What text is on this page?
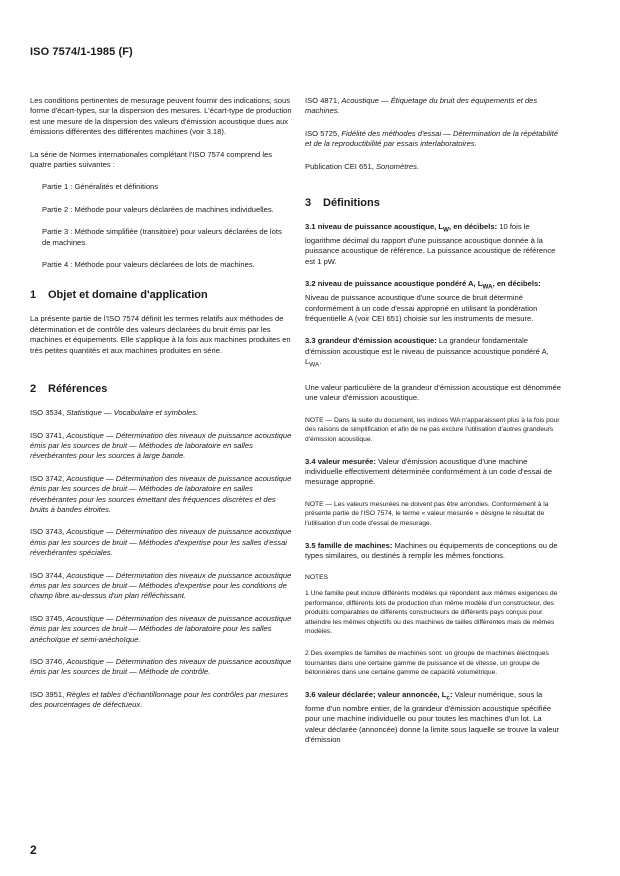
ISO 7574/1-1985 (F)

Les conditions pertinentes de mesurage peuvent fournir des indications, sous forme d'écart-types, sur la dispersion des mesures. L'écart-type de production est une mesure de la dispersion des valeurs d'émission acoustique dues aux émissions différentes des différentes machines (voir 3.18).

La série de Normes internationales complétant l'ISO 7574 comprend les quatre parties suivantes :

Partie 1 : Généralités et définitions

Partie 2 : Méthode pour valeurs déclarées de machines individuelles.

Partie 3 : Méthode simplifiée (transitoire) pour valeurs déclarées de lots de machines.

Partie 4 : Méthode pour valeurs déclarées de lots de machines.

1 Objet et domaine d'application

La présente partie de l'ISO 7574 définit les termes relatifs aux méthodes de détermination et de contrôle des valeurs déclarées du bruit émis par les machines et équipements. Elle s'applique à la fois aux machines produites en très petites quantités et aux machines produites en série.

2 Références

ISO 3534, Statistique — Vocabulaire et symboles.

ISO 3741, Acoustique — Détermination des niveaux de puissance acoustique émis par les sources de bruit — Méthodes de laboratoire en salles réverbérantes pour les sources à large bande.

ISO 3742, Acoustique — Détermination des niveaux de puissance acoustique émis par les sources de bruit — Méthodes de laboratoire en salles réverbérantes pour les sources émettant des fréquences discrètes et des bruits à bandes étroites.

ISO 3743, Acoustique — Détermination des niveaux de puissance acoustique émis par les sources de bruit — Méthodes d'expertise pour les salles d'essai réverbérantes spéciales.

ISO 3744, Acoustique — Détermination des niveaux de puissance acoustique émis par les sources de bruit — Méthodes d'expertise pour les conditions de champ libre au-dessus d'un plan réfléchissant.

ISO 3745, Acoustique — Détermination des niveaux de puissance acoustique émis par les sources de bruit — Méthodes de laboratoire pour les salles anéchoïque et semi-anéchoïque.

ISO 3746, Acoustique — Détermination des niveaux de puissance acoustique émis par les sources de bruit — Méthode de contrôle.

ISO 3951, Règles et tables d'échantillonnage pour les contrôles par mesures des pourcentages de défectueux.

ISO 4871, Acoustique — Étiquetage du bruit des équipements et des machines.

ISO 5725, Fidélité des méthodes d'essai — Détermination de la répétabilité et de la reproductibilité par essais interlaboratoires.

Publication CEI 651, Sonomètres.

3 Définitions

3.1 niveau de puissance acoustique, $L_W$, en décibels: 10 fois le logarithme décimal du rapport d'une puissance acoustique donnée à la puissance acoustique de référence. La puissance acoustique de référence est 1 pW.

3.2 niveau de puissance acoustique pondéré A, $L_{WA}$, en décibels: Niveau de puissance acoustique d'une source de bruit déterminé conformément à un code d'essai approprié en utilisant la pondération fréquentielle A (voir CEI 651) choisie sur les instruments de mesure.

3.3 grandeur d'émission acoustique: La grandeur fondamentale d'émission acoustique est le niveau de puissance acoustique pondéré A, $L_{WA}$.

Une valeur particulière de la grandeur d'émission acoustique est dénommée une valeur d'émission acoustique.

NOTE — Dans la suite du document, les indices WA n'apparaissent plus à la fois pour des raisons de simplification et afin de ne pas exclure l'utilisation d'autres grandeurs d'émission acoustique.

3.4 valeur mesurée: Valeur d'émission acoustique d'une machine individuelle effectivement déterminée conformément à un code d'essai de mesurage approprié.

NOTE — Les valeurs mesurées ne doivent pas être arrondies. Conformément à la présente partie de l'ISO 7574, le terme « valeur mesurée » désigne le résultat de l'utilisation d'un code d'essai de mesurage.

3.5 famille de machines: Machines ou équipements de conceptions ou de types similaires, ou destinés à remplir les mêmes fonctions.

NOTES

1 Une famille peut inclure différents modèles qui répondent aux mêmes exigences de performance, différents lots de production d'un même modèle d'un constructeur, des produits comparables de différents constructeurs de différents pays conçus pour atteindre les mêmes objectifs ou des machines de tailles différentes mais de mêmes modèles.

2 Des exemples de familles de machines sont: un groupe de machines électriques tournantes dans une certaine gamme de puissance et de vitesse, un groupe de bétonnières dans une certaine gamme de capacité volumétrique.

3.6 valeur déclarée; valeur annoncée, $L_c$: Valeur numérique, sous la forme d'un nombre entier, de la grandeur d'émission acoustique spécifiée pour une machine individuelle ou pour toutes les machines d'un lot. La valeur déclarée (annoncée) donne la limite sous laquelle se trouve la valeur d'émission

2
